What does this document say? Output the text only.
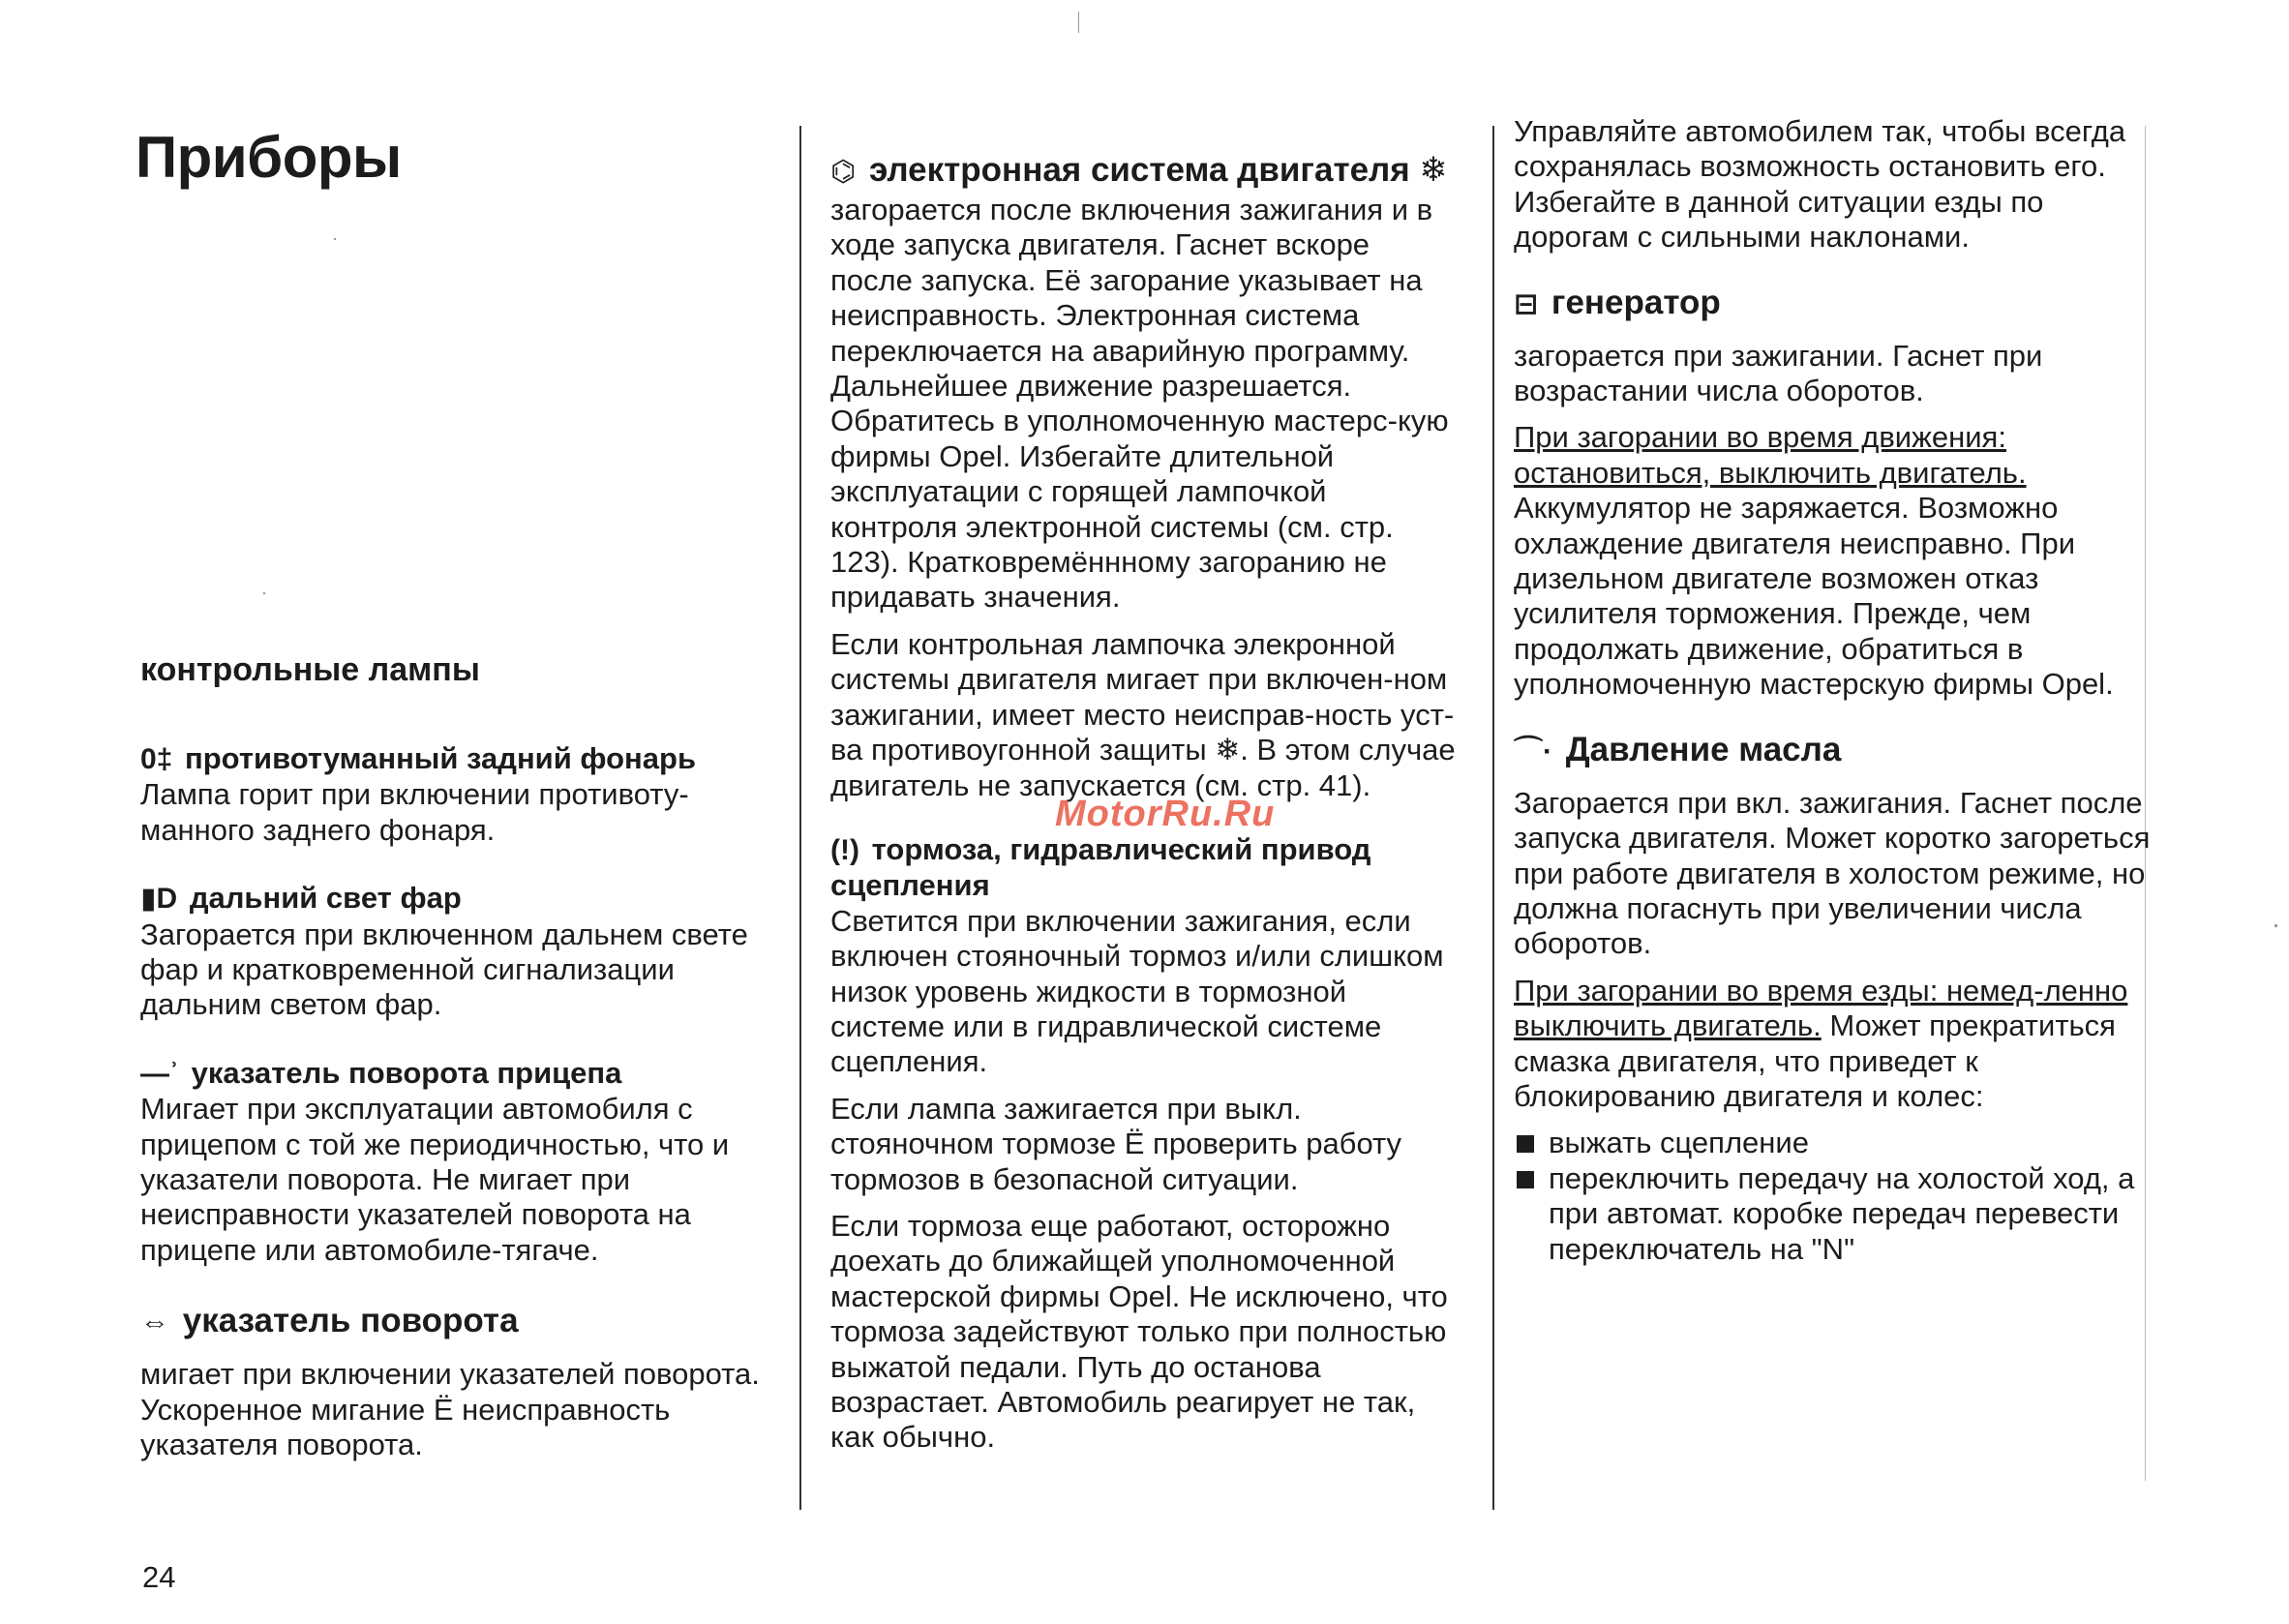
Приборы
контрольные лампы
0‡ противотуманный задний фонарь

Лампа горит при включении противоту-манного заднего фонаря.

▮D дальний свет фар

Загорается при включенном дальнем свете фар и кратковременной сигнализации дальним светом фар.

—ʾ указатель поворота прицепа

Мигает при эксплуатации автомобиля с прицепом с той же периодичностью, что и указатели поворота. Не мигает при неисправности указателей поворота на прицепе или автомобиле-тягаче.

⇔ указатель поворота

мигает при включении указателей поворота. Ускоренное мигание Ё неисправность указателя поворота.

⌬ электронная система двигателя ❄

загорается после включения зажигания и в ходе запуска двигателя. Гаснет вскоре после запуска. Её загорание указывает на неисправность. Электронная система переключается на аварийную программу. Дальнейшее движение разрешается. Обратитесь в уполномоченную мастерс-кую фирмы Opel. Избегайте длительной эксплуатации с горящей лампочкой контроля электронной системы (см. стр. 123). Кратковремённному загоранию не придавать значения.

Если контрольная лампочка элекронной системы двигателя мигает при включен-ном зажигании, имеет место неисправ-ность уст-ва противоугонной защиты ❄. В этом случае двигатель не запускается (см. стр. 41).

(!) тормоза, гидравлический привод сцепления

Светится при включении зажигания, если включен стояночный тормоз и/или слишком низок уровень жидкости в тормозной системе или в гидравлической системе сцепления.

Если лампа зажигается при выкл. стояночном тормозе Ё проверить работу тормозов в безопасной ситуации.

Если тормоза еще работают, осторожно доехать до ближайщей уполномоченной мастерской фирмы Opel. Не исключено, что тормоза задействуют только при полностью выжатой педали. Путь до останова возрастает. Автомобиль реагирует не так, как обычно.

Управляйте автомобилем так, чтобы всегда сохранялась возможность остановить его. Избегайте в данной ситуации езды по дорогам с сильными наклонами.

⊟ генератор

загорается при зажигании. Гаснет при возрастании числа оборотов.

При загорании во время движения: остановиться, выключить двигатель. Аккумулятор не заряжается. Возможно охлаждение двигателя неисправно. При дизельном двигателе возможен отказ усилителя торможения. Прежде, чем продолжать движение, обратиться в уполномоченную мастерскую фирмы Opel.

⌒· Давление масла

Загорается при вкл. зажигания. Гаснет после запуска двигателя. Может коротко загореться при работе двигателя в холостом режиме, но должна погаснуть при увеличении числа оборотов.

При загорании во время езды: немед-ленно выключить двигатель. Может прекратиться смазка двигателя, что приведет к блокированию двигателя и колес:

выжать сцепление

переключить передачу на холостой ход, а при автомат. коробке передач перевести переключатель на "N"

MotorRu.Ru
24
